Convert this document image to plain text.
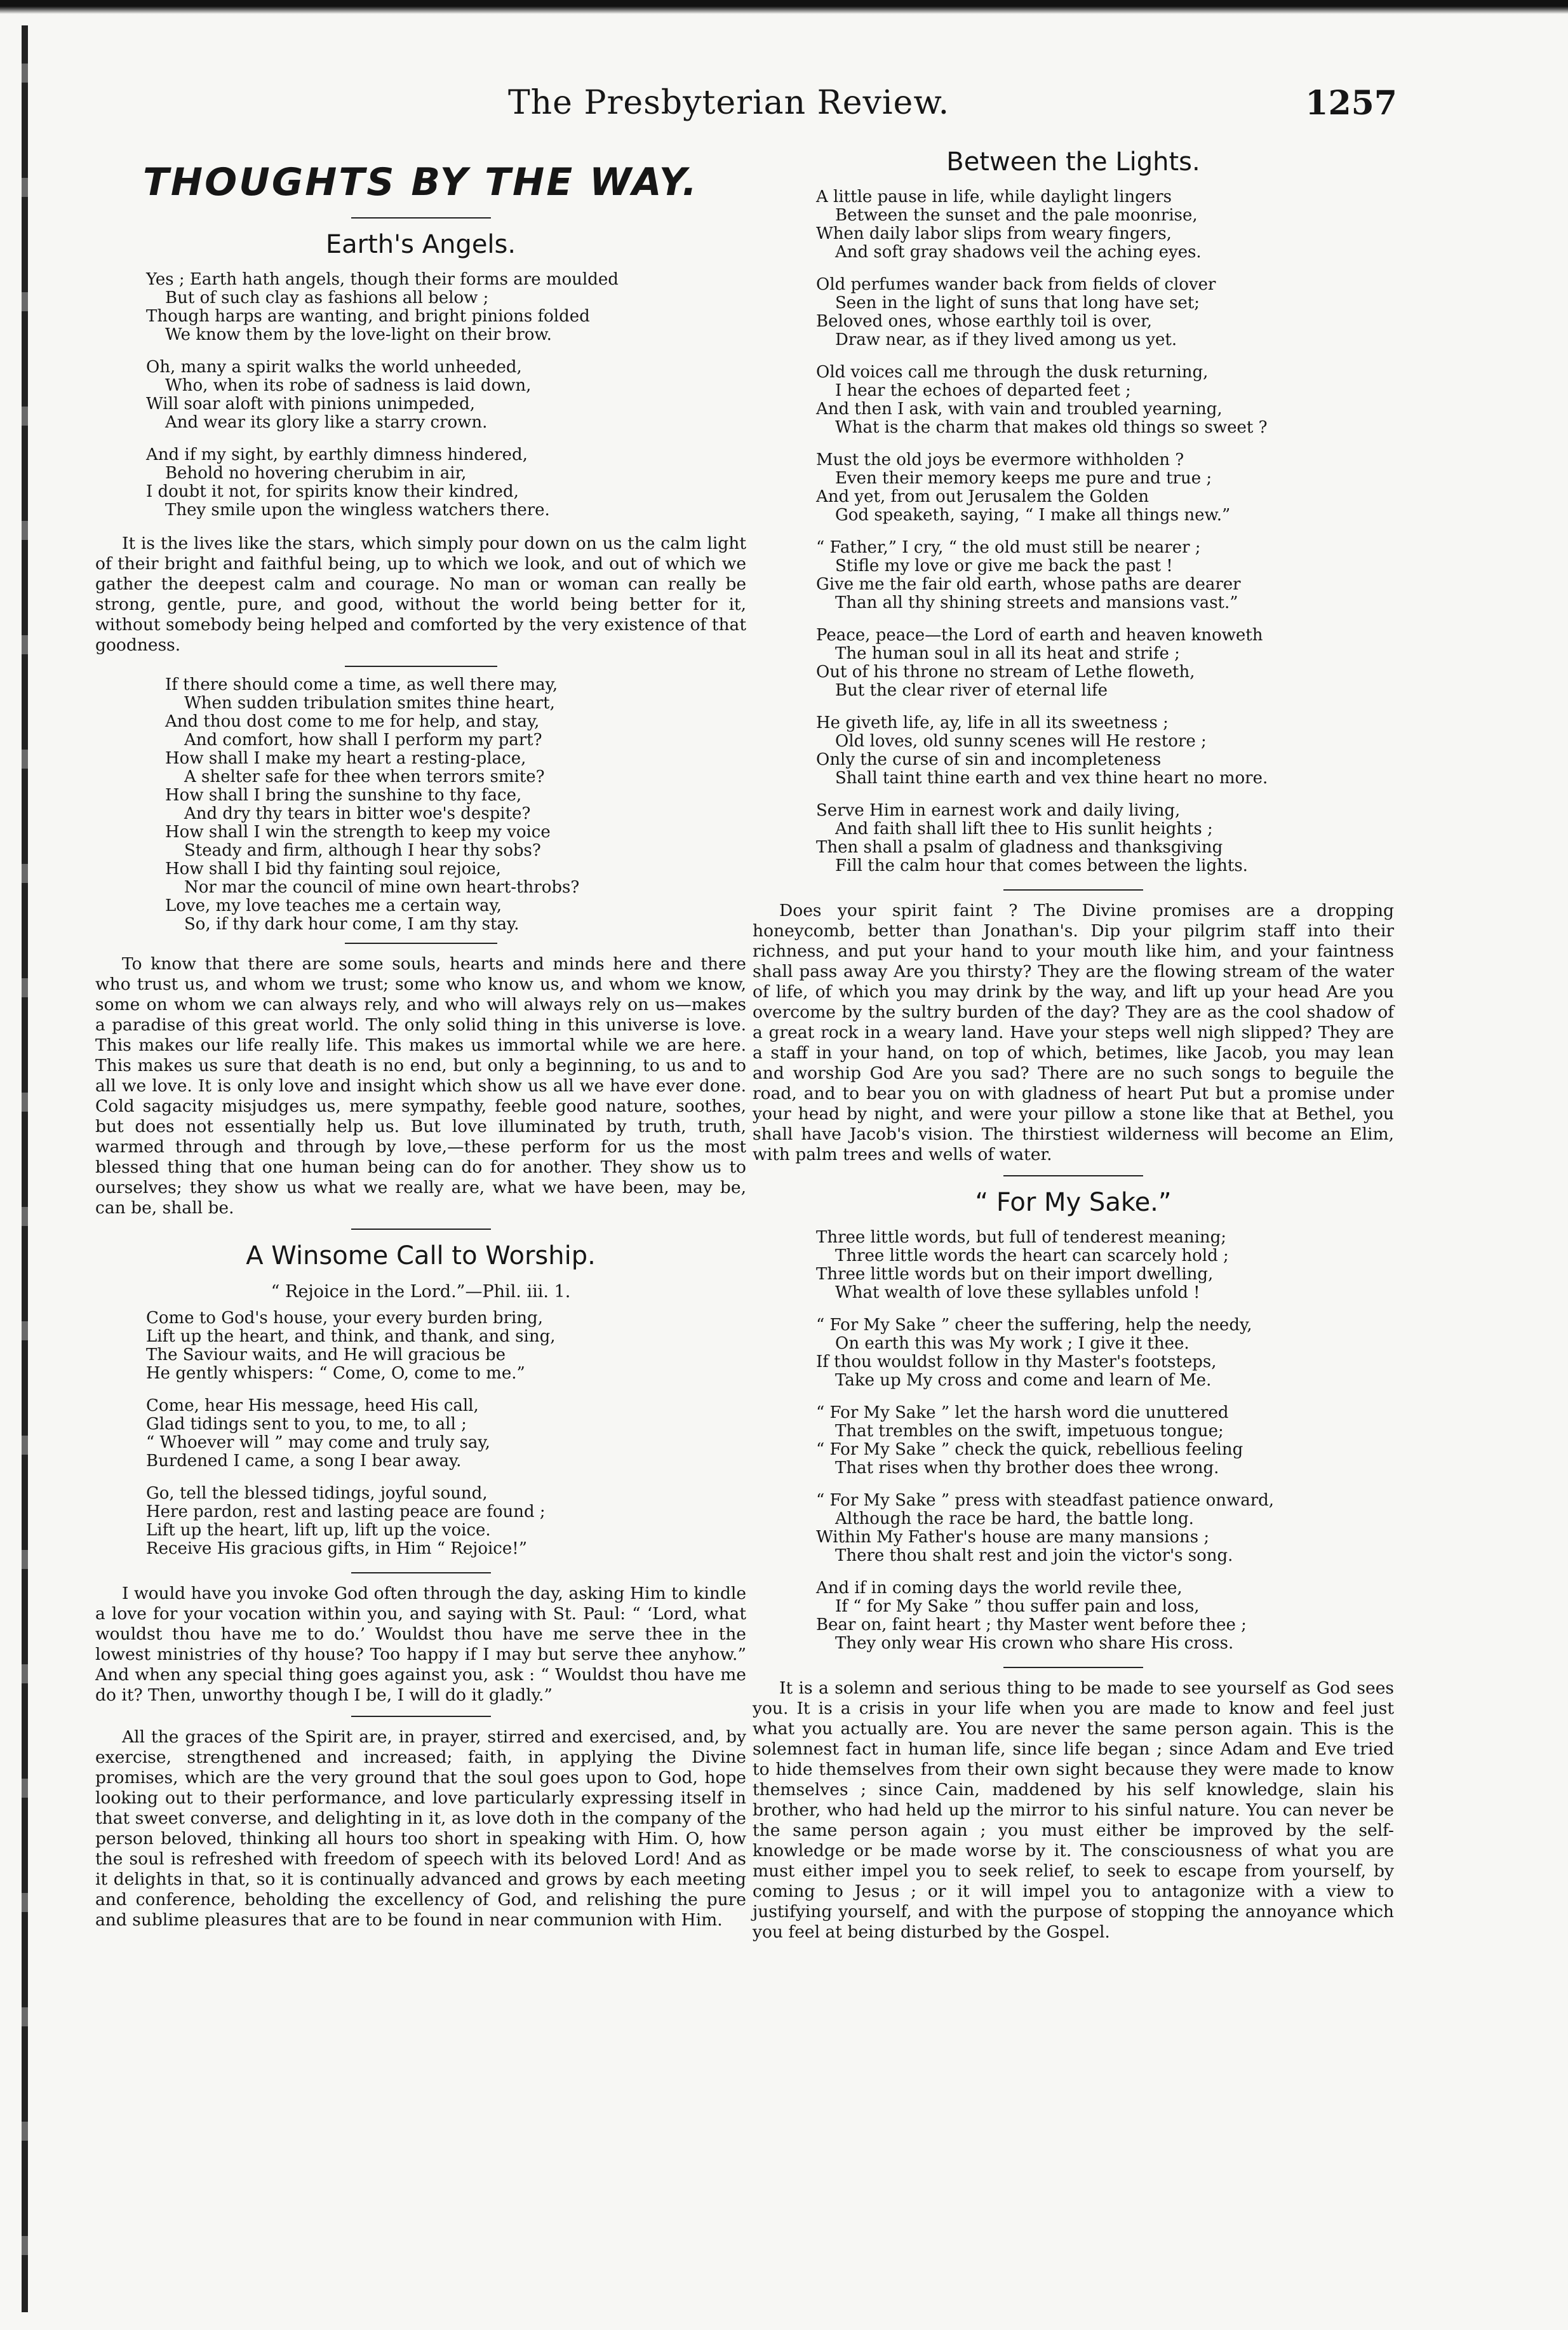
The Presbyterian Review.	1257
THOUGHTS BY THE WAY.
Earth's Angels.
Yes ; Earth hath angels, though their forms are moulded
But of such clay as fashions all below ;
Though harps are wanting, and bright pinions folded
We know them by the love-light on their brow.
Oh, many a spirit walks the world unheeded,
Who, when its robe of sadness is laid down,
Will soar aloft with pinions unimpeded,
And wear its glory like a starry crown.
And if my sight, by earthly dimness hindered,
Behold no hovering cherubim in air,
I doubt it not, for spirits know their kindred,
They smile upon the wingless watchers there.
It is the lives like the stars, which simply pour down on us the calm light of their bright and faithful being, up to which we look, and out of which we gather the deepest calm and courage. No man or woman can really be strong, gentle, pure, and good, without the world being better for it, without somebody being helped and comforted by the very existence of that goodness.
If there should come a time, as well there may,
When sudden tribulation smites thine heart,
And thou dost come to me for help, and stay,
And comfort, how shall I perform my part?
How shall I make my heart a resting-place,
A shelter safe for thee when terrors smite?
How shall I bring the sunshine to thy face,
And dry thy tears in bitter woe's despite?
How shall I win the strength to keep my voice
Steady and firm, although I hear thy sobs?
How shall I bid thy fainting soul rejoice,
Nor mar the council of mine own heart-throbs?
Love, my love teaches me a certain way,
So, if thy dark hour come, I am thy stay.
To know that there are some souls, hearts and minds here and there who trust us, and whom we trust; some who know us, and whom we know, some on whom we can always rely, and who will always rely on us—makes a paradise of this great world. The only solid thing in this universe is love. This makes our life really life. This makes us immortal while we are here. This makes us sure that death is no end, but only a beginning, to us and to all we love. It is only love and insight which show us all we have ever done. Cold sagacity misjudges us, mere sympathy, feeble good nature, soothes, but does not essentially help us. But love illuminated by truth, truth, warmed through and through by love,—these perform for us the most blessed thing that one human being can do for another. They show us to ourselves; they show us what we really are, what we have been, may be, can be, shall be.
A Winsome Call to Worship.
“ Rejoice in the Lord.”—Phil. iii. 1.
Come to God's house, your every burden bring,
Lift up the heart, and think, and thank, and sing,
The Saviour waits, and He will gracious be
He gently whispers: “ Come, O, come to me.”
Come, hear His message, heed His call,
Glad tidings sent to you, to me, to all ;
“ Whoever will ” may come and truly say,
Burdened I came, a song I bear away.
Go, tell the blessed tidings, joyful sound,
Here pardon, rest and lasting peace are found ;
Lift up the heart, lift up, lift up the voice.
Receive His gracious gifts, in Him “ Rejoice!”
I would have you invoke God often through the day, asking Him to kindle a love for your vocation within you, and saying with St. Paul: “ ‘Lord, what wouldst thou have me to do.’ Wouldst thou have me serve thee in the lowest ministries of thy house? Too happy if I may but serve thee anyhow.” And when any special thing goes against you, ask : “ Wouldst thou have me do it? Then, unworthy though I be, I will do it gladly.”
All the graces of the Spirit are, in prayer, stirred and exercised, and, by exercise, strengthened and increased; faith, in applying the Divine promises, which are the very ground that the soul goes upon to God, hope looking out to their performance, and love particularly expressing itself in that sweet converse, and delighting in it, as love doth in the company of the person beloved, thinking all hours too short in speaking with Him. O, how the soul is refreshed with freedom of speech with its beloved Lord! And as it delights in that, so it is continually advanced and grows by each meeting and conference, beholding the excellency of God, and relishing the pure and sublime pleasures that are to be found in near communion with Him.
Between the Lights.
A little pause in life, while daylight lingers
Between the sunset and the pale moonrise,
When daily labor slips from weary fingers,
And soft gray shadows veil the aching eyes.
Old perfumes wander back from fields of clover
Seen in the light of suns that long have set;
Beloved ones, whose earthly toil is over,
Draw near, as if they lived among us yet.
Old voices call me through the dusk returning,
I hear the echoes of departed feet ;
And then I ask, with vain and troubled yearning,
What is the charm that makes old things so sweet ?
Must the old joys be evermore withholden ?
Even their memory keeps me pure and true ;
And yet, from out Jerusalem the Golden
God speaketh, saying, “ I make all things new.”
“ Father,” I cry, “ the old must still be nearer ;
Stifle my love or give me back the past !
Give me the fair old earth, whose paths are dearer
Than all thy shining streets and mansions vast.”
Peace, peace—the Lord of earth and heaven knoweth
The human soul in all its heat and strife ;
Out of his throne no stream of Lethe floweth,
But the clear river of eternal life
He giveth life, ay, life in all its sweetness ;
Old loves, old sunny scenes will He restore ;
Only the curse of sin and incompleteness
Shall taint thine earth and vex thine heart no more.
Serve Him in earnest work and daily living,
And faith shall lift thee to His sunlit heights ;
Then shall a psalm of gladness and thanksgiving
Fill the calm hour that comes between the lights.
Does your spirit faint ? The Divine promises are a dropping honeycomb, better than Jonathan's. Dip your pilgrim staff into their richness, and put your hand to your mouth like him, and your faintness shall pass away Are you thirsty? They are the flowing stream of the water of life, of which you may drink by the way, and lift up your head Are you overcome by the sultry burden of the day? They are as the cool shadow of a great rock in a weary land. Have your steps well nigh slipped? They are a staff in your hand, on top of which, betimes, like Jacob, you may lean and worship God Are you sad? There are no such songs to beguile the road, and to bear you on with gladness of heart Put but a promise under your head by night, and were your pillow a stone like that at Bethel, you shall have Jacob's vision. The thirstiest wilderness will become an Elim, with palm trees and wells of water.
“ For My Sake.”
Three little words, but full of tenderest meaning;
Three little words the heart can scarcely hold ;
Three little words but on their import dwelling,
What wealth of love these syllables unfold !
“ For My Sake ” cheer the suffering, help the needy,
On earth this was My work ; I give it thee.
If thou wouldst follow in thy Master's footsteps,
Take up My cross and come and learn of Me.
“ For My Sake ” let the harsh word die unuttered
That trembles on the swift, impetuous tongue;
“ For My Sake ” check the quick, rebellious feeling
That rises when thy brother does thee wrong.
“ For My Sake ” press with steadfast patience onward,
Although the race be hard, the battle long.
Within My Father's house are many mansions ;
There thou shalt rest and join the victor's song.
And if in coming days the world revile thee,
If “ for My Sake ” thou suffer pain and loss,
Bear on, faint heart ; thy Master went before thee ;
They only wear His crown who share His cross.
It is a solemn and serious thing to be made to see yourself as God sees you. It is a crisis in your life when you are made to know and feel just what you actually are. You are never the same person again. This is the solemnest fact in human life, since life began ; since Adam and Eve tried to hide themselves from their own sight because they were made to know themselves ; since Cain, maddened by his self knowledge, slain his brother, who had held up the mirror to his sinful nature. You can never be the same person again ; you must either be improved by the self-knowledge or be made worse by it. The consciousness of what you are must either impel you to seek relief, to seek to escape from yourself, by coming to Jesus ; or it will impel you to antagonize with a view to justifying yourself, and with the purpose of stopping the annoyance which you feel at being disturbed by the Gospel.
